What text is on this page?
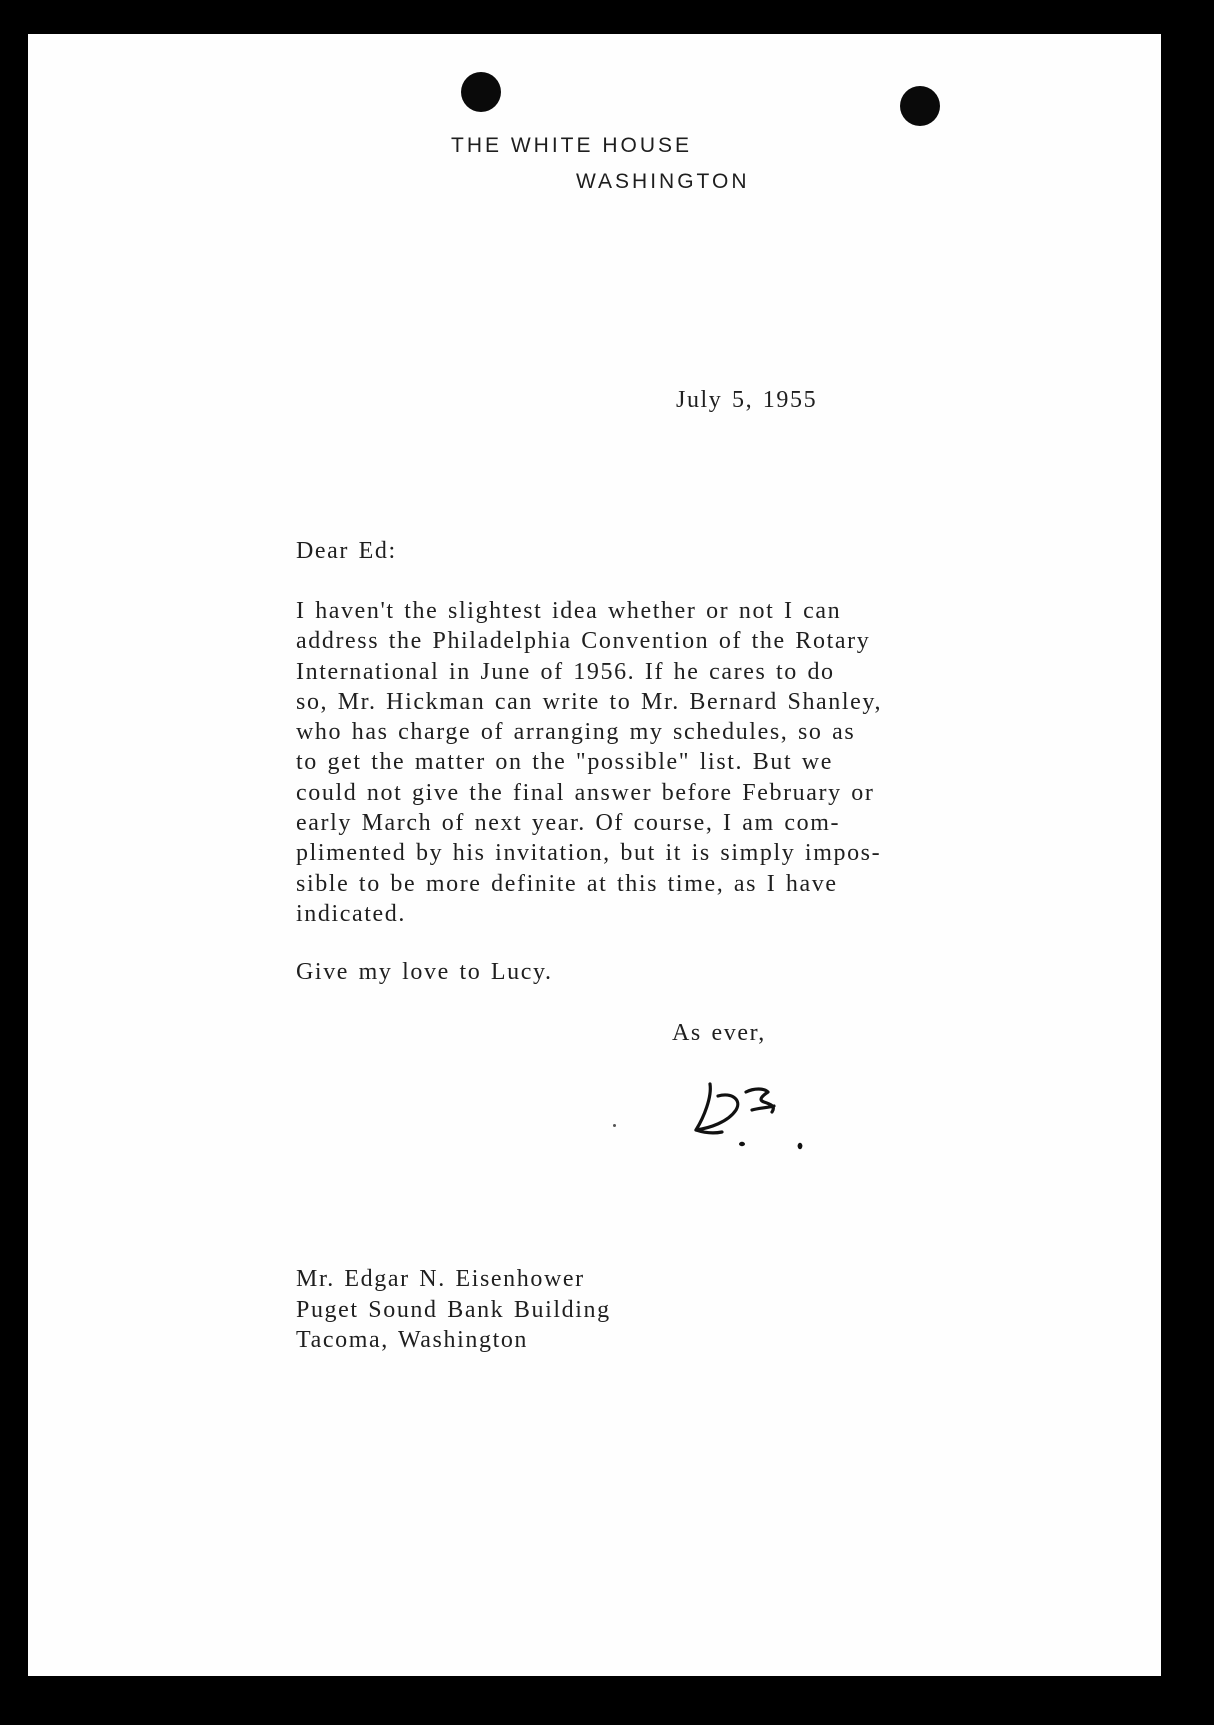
THE WHITE HOUSE
WASHINGTON
July 5, 1955
Dear Ed:
I haven't the slightest idea whether or not I can
address the Philadelphia Convention of the Rotary
International in June of 1956. If he cares to do
so, Mr. Hickman can write to Mr. Bernard Shanley,
who has charge of arranging my schedules, so as
to get the matter on the "possible" list. But we
could not give the final answer before February or
early March of next year. Of course, I am com-
plimented by his invitation, but it is simply impos-
sible to be more definite at this time, as I have
indicated.
Give my love to Lucy.
As ever,
Mr. Edgar N. Eisenhower
Puget Sound Bank Building
Tacoma, Washington
